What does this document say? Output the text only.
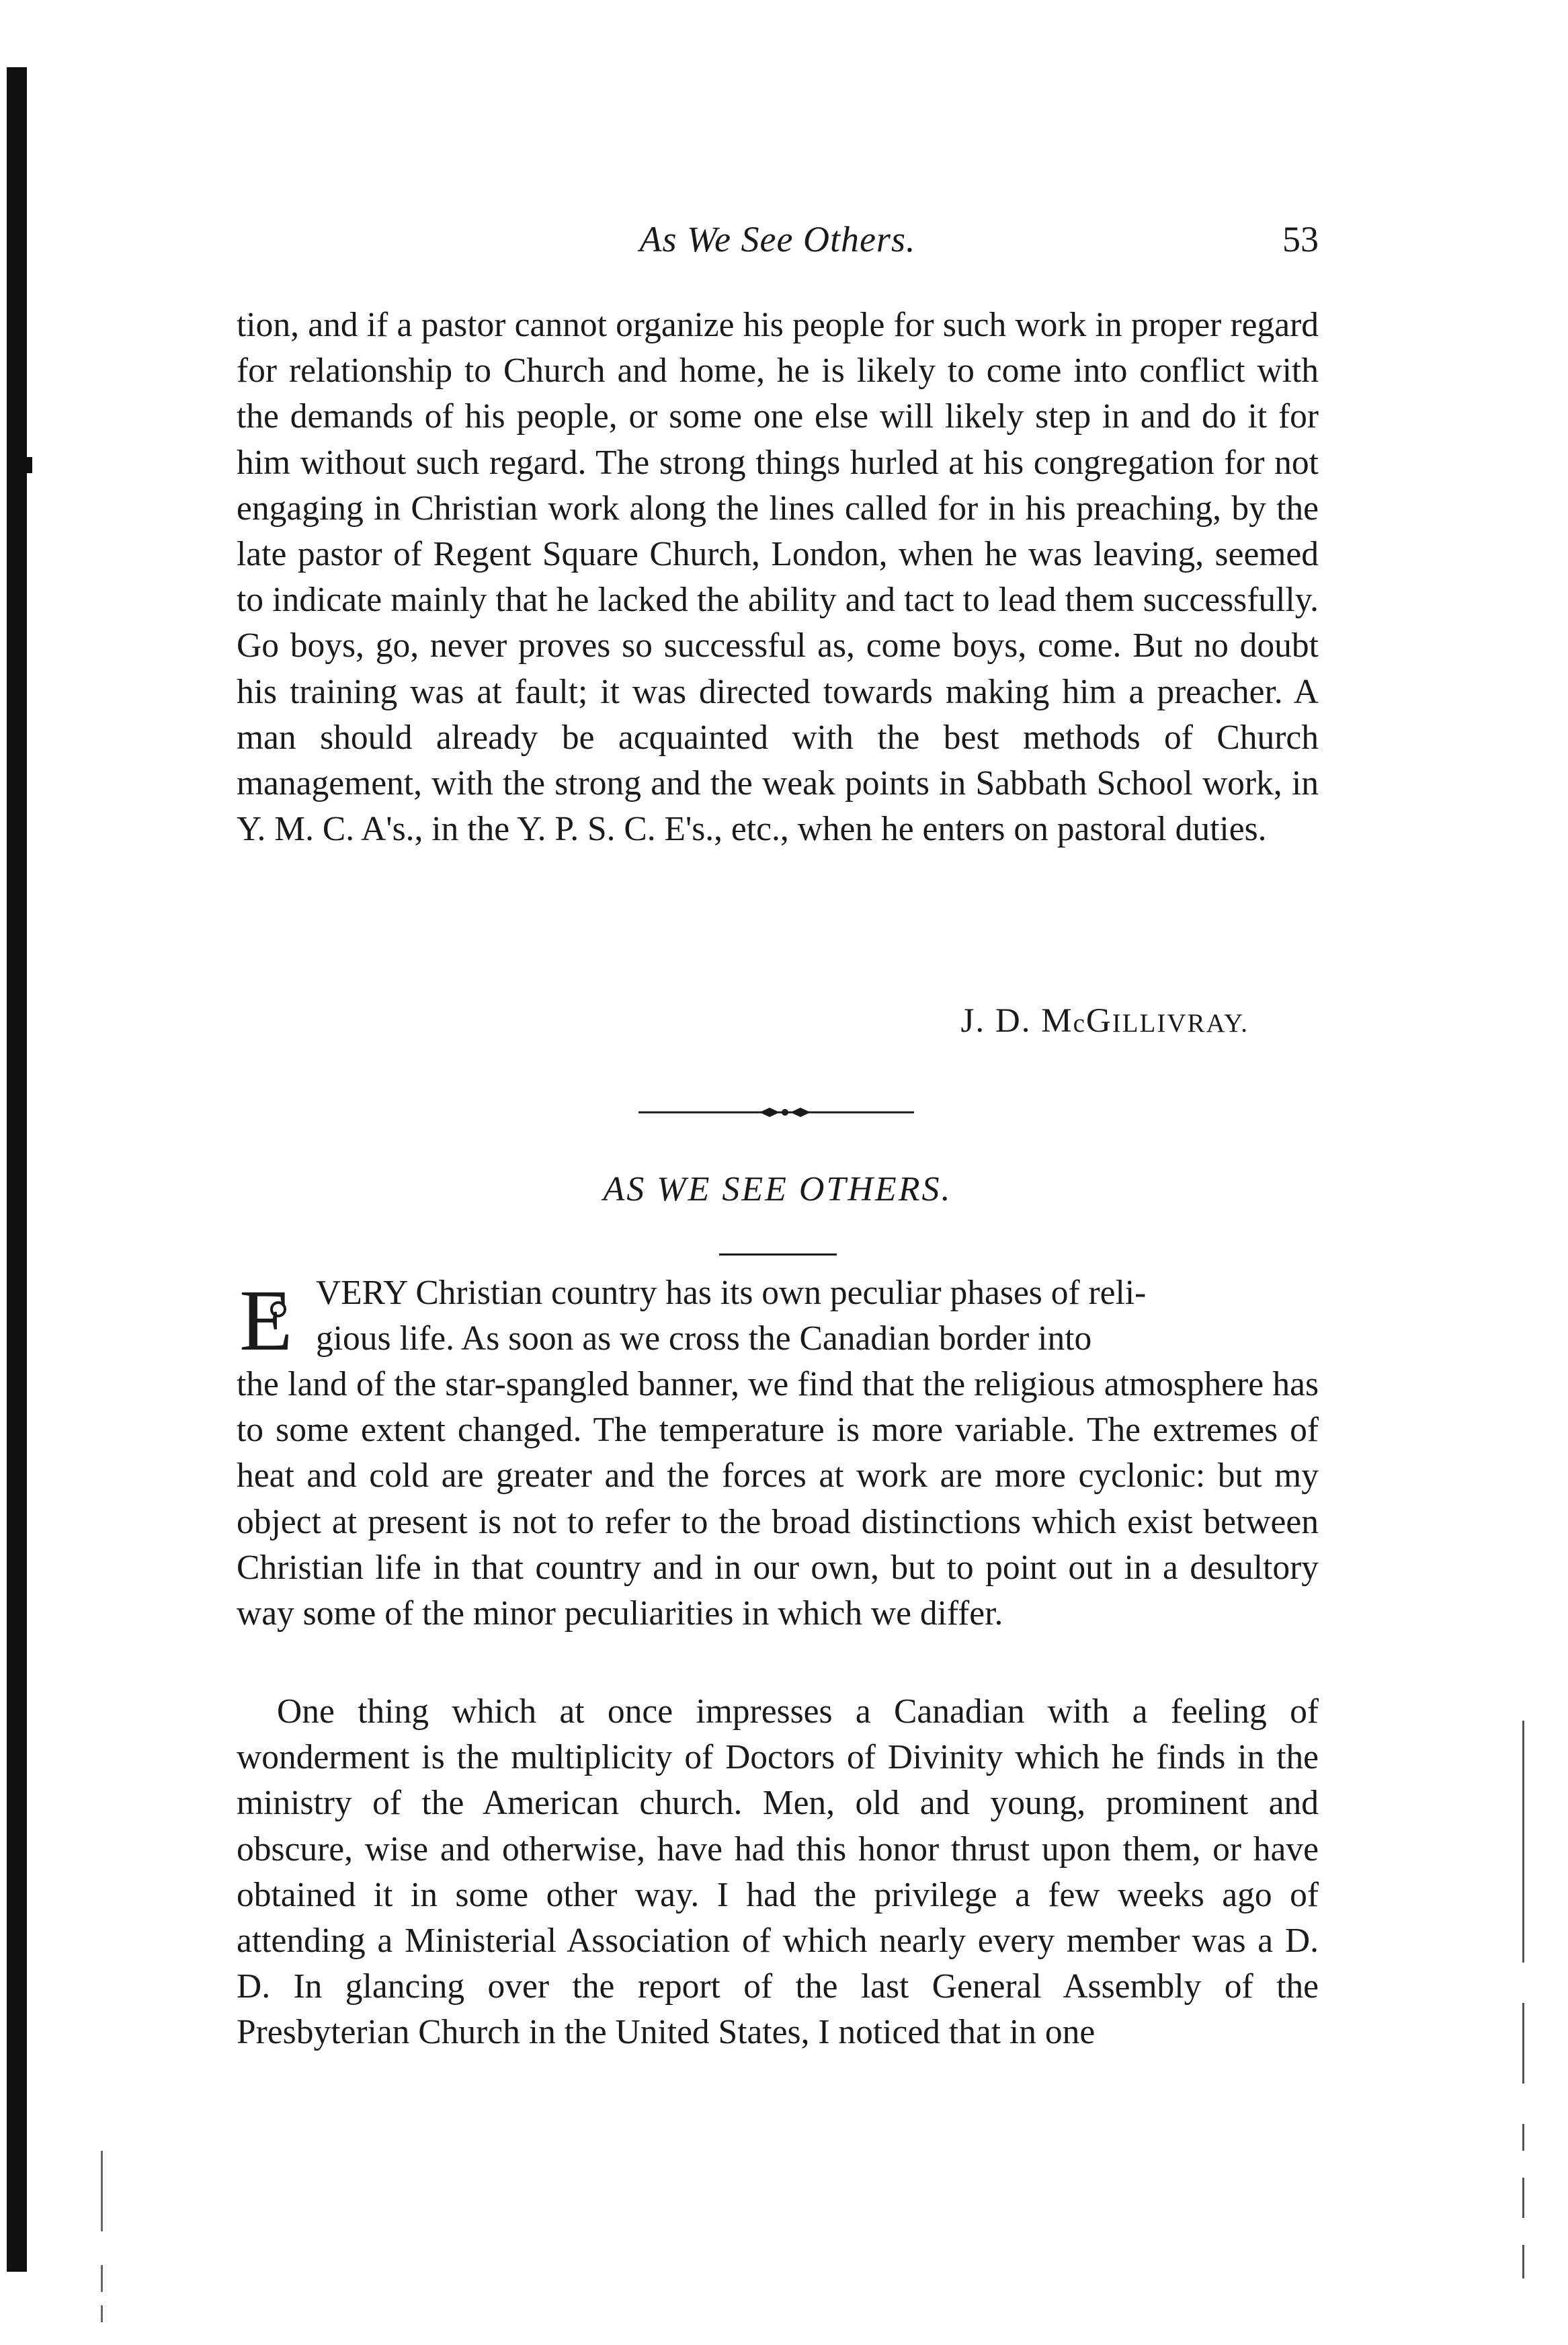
As We See Others.	53
tion, and if a pastor cannot organize his people for such work in proper regard for relationship to Church and home, he is likely to come into conflict with the demands of his people, or some one else will likely step in and do it for him without such regard. The strong things hurled at his congregation for not engaging in Christian work along the lines called for in his preaching, by the late pastor of Regent Square Church, London, when he was leaving, seemed to indicate mainly that he lacked the ability and tact to lead them successfully. Go boys, go, never proves so successful as, come boys, come. But no doubt his training was at fault; it was directed towards making him a preacher. A man should already be acquainted with the best methods of Church management, with the strong and the weak points in Sabbath School work, in Y. M. C. A's., in the Y. P. S. C. E's., etc., when he enters on pastoral duties.
J. D. McGILLIVRAY.
AS WE SEE OTHERS.
E VERY Christian country has its own peculiar phases of reli-
gious life. As soon as we cross the Canadian border into
the land of the star-spangled banner, we find that the religious atmosphere has to some extent changed. The temperature is more variable. The extremes of heat and cold are greater and the forces at work are more cyclonic: but my object at present is not to refer to the broad distinctions which exist between Christian life in that country and in our own, but to point out in a desultory way some of the minor peculiarities in which we differ.
One thing which at once impresses a Canadian with a feeling of wonderment is the multiplicity of Doctors of Divinity which he finds in the ministry of the American church. Men, old and young, prominent and obscure, wise and otherwise, have had this honor thrust upon them, or have obtained it in some other way. I had the privilege a few weeks ago of attending a Ministerial Association of which nearly every member was a D. D. In glancing over the report of the last General Assembly of the Presbyterian Church in the United States, I noticed that in one
